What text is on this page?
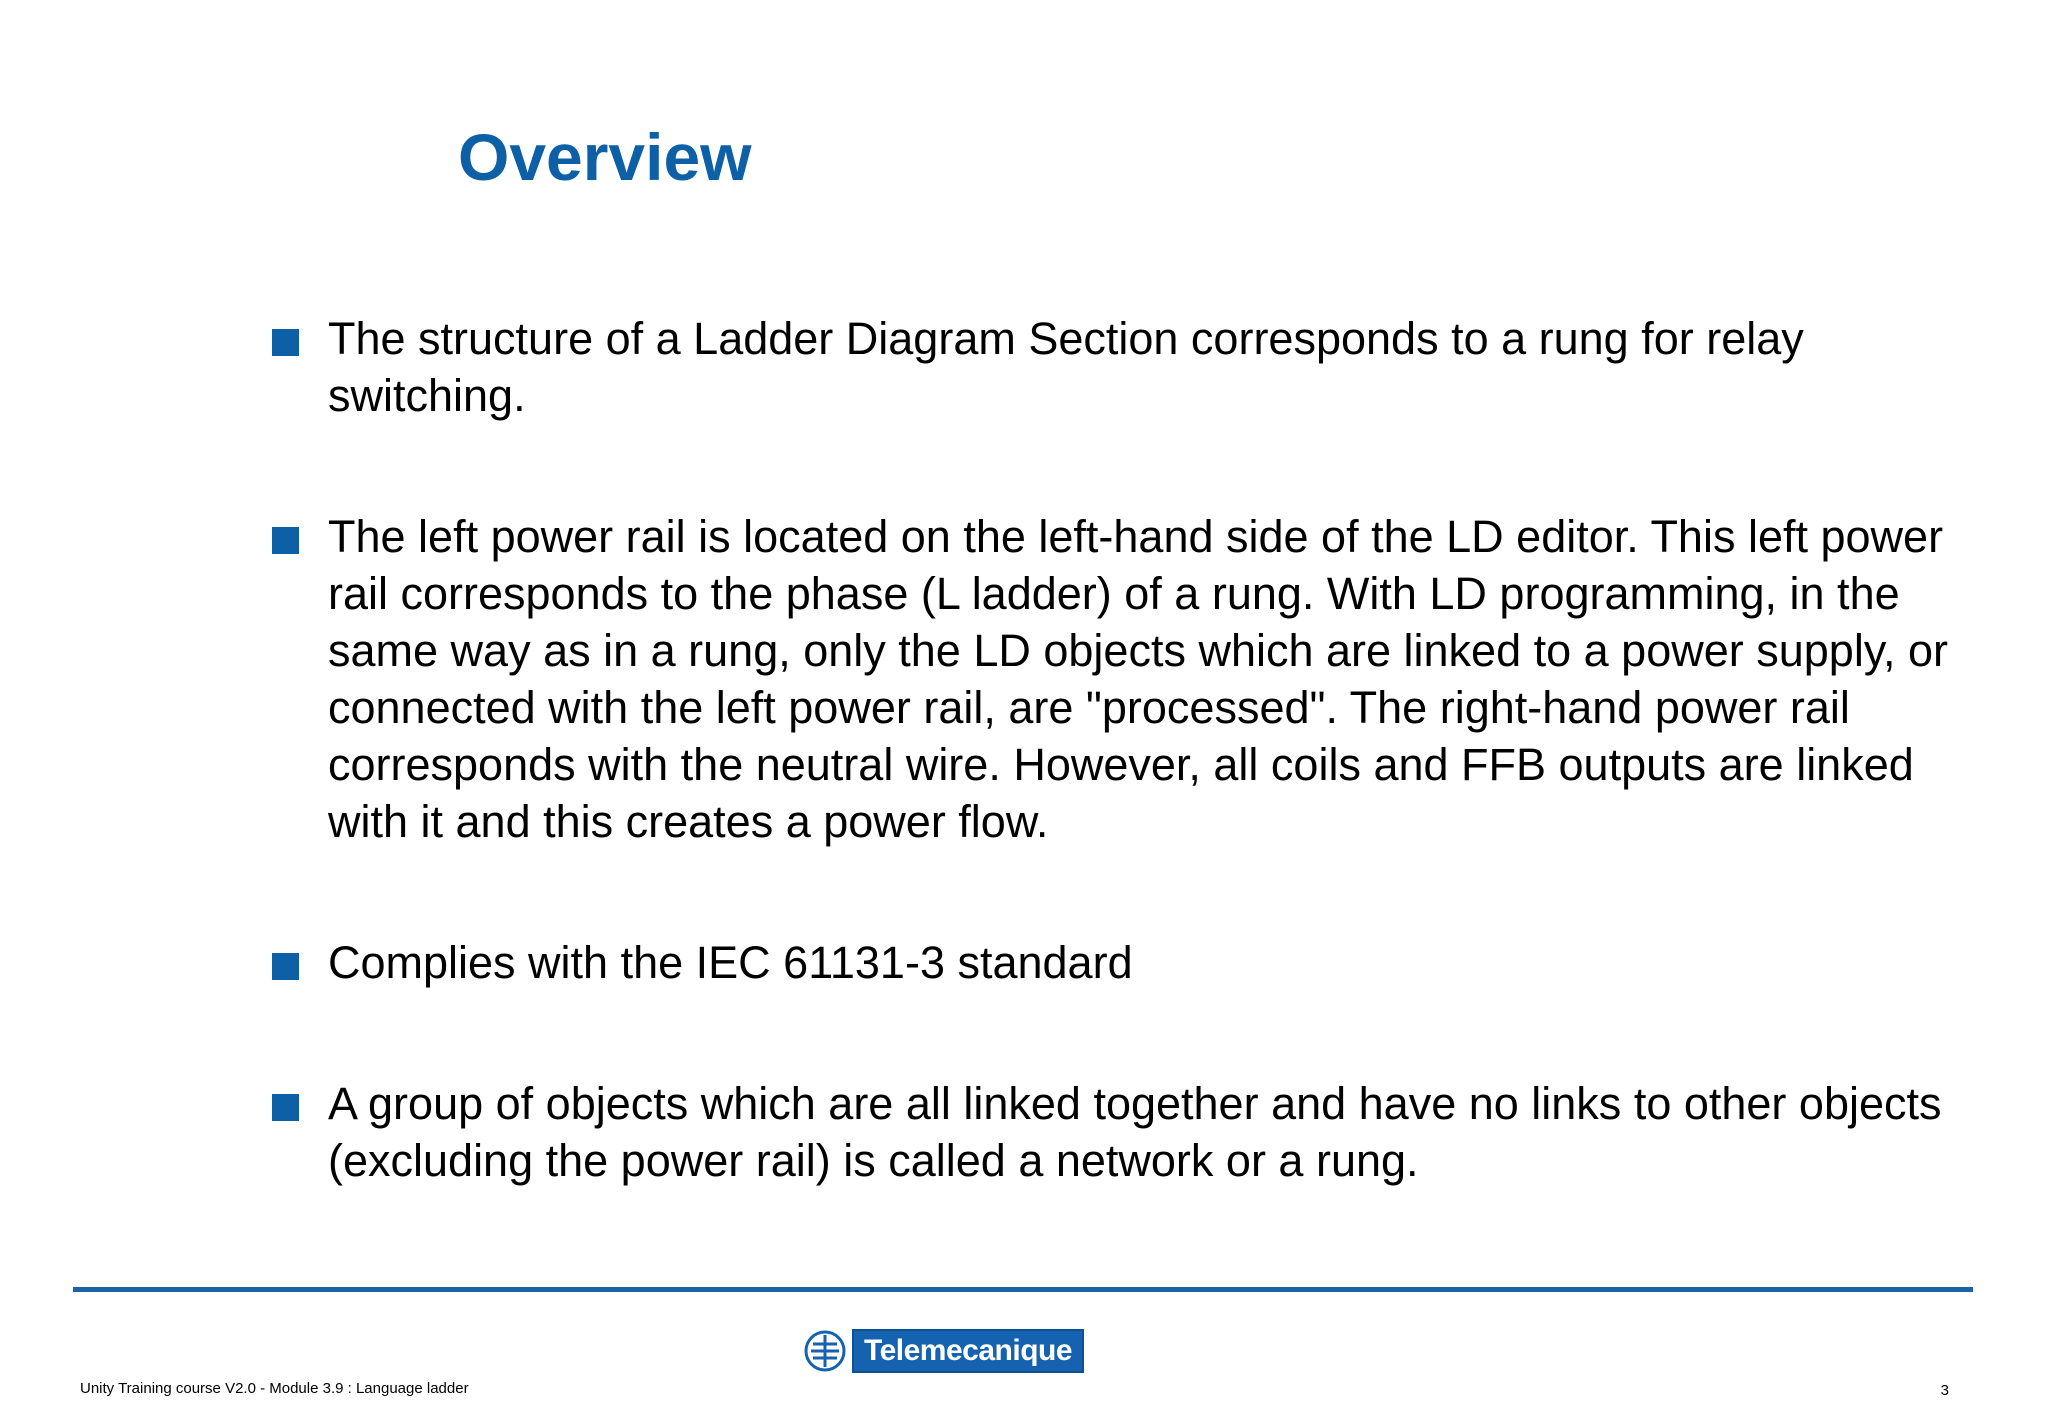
Overview
The structure of a Ladder Diagram Section corresponds to a rung for relay switching.
The left power rail is located on the left-hand side of the LD editor. This left power rail corresponds to the phase (L ladder) of a rung. With LD programming, in the same way as in a rung, only the LD objects which are linked to a power supply, or connected with the left power rail, are "processed". The right-hand power rail corresponds with the neutral wire. However, all coils and FFB outputs are linked with it and this creates a power flow.
Complies with the IEC 61131-3 standard
A group of objects which are all linked together and have no links to other objects (excluding the power rail) is called a network or a rung.
Telemecanique
Unity Training course V2.0 - Module 3.9 : Language ladder	3
